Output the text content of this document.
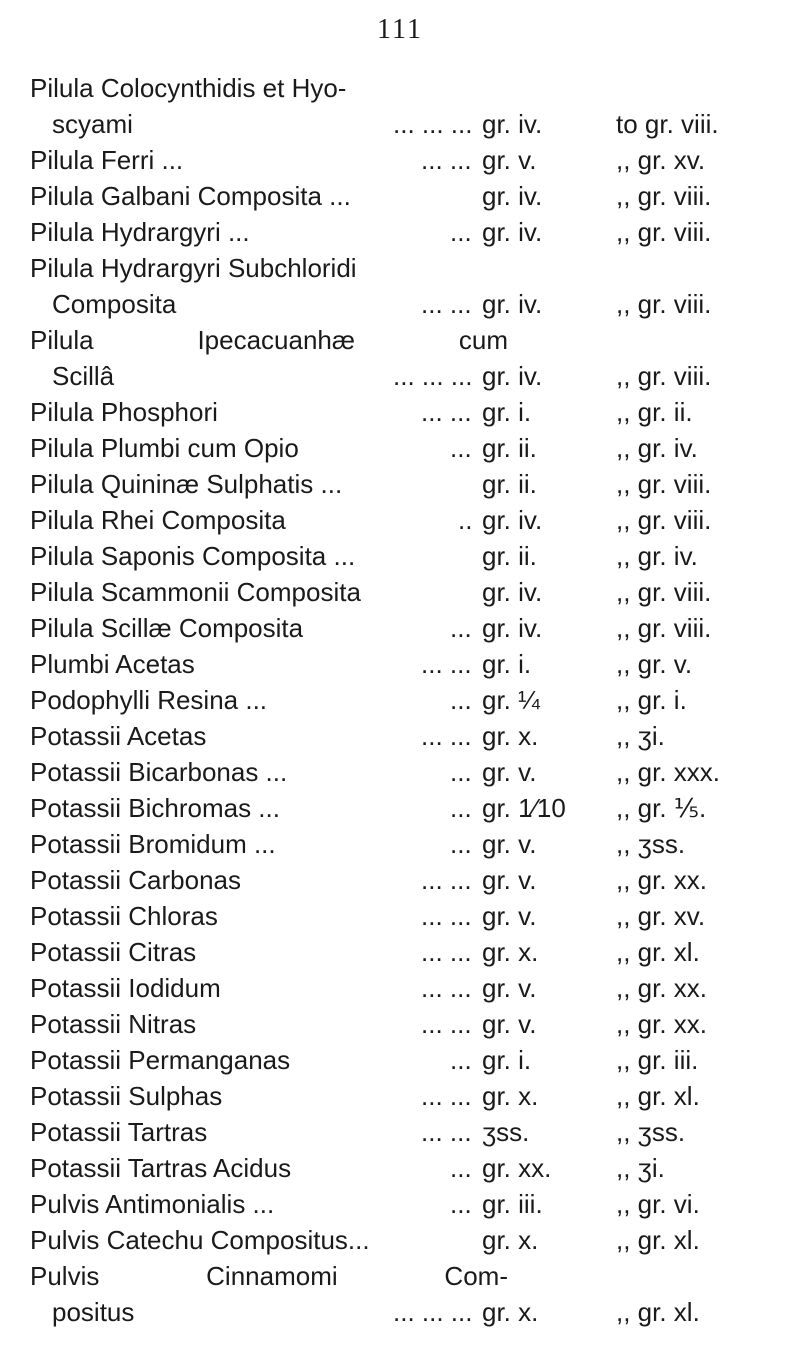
111
Pilula Colocynthidis et Hyo-
scyami	... ... ... gr. iv.	to gr. viii.
Pilula Ferri ...	... ... gr. v.	,, gr. xv.
Pilula Galbani Composita ...	gr. iv.	,, gr. viii.
Pilula Hydrargyri ...	... gr. iv.	,, gr. viii.
Pilula Hydrargyri Subchloridi
Composita	... ... gr. iv.	,, gr. viii.
Pilula	Ipecacuanhæ	cum
Scillâ	... ... ... gr. iv.	,, gr. viii.
Pilula Phosphori	... ... gr. i.	,, gr. ii.
Pilula Plumbi cum Opio	... gr. ii.	,, gr. iv.
Pilula Quininæ Sulphatis ...	gr. ii.	,, gr. viii.
Pilula Rhei Composita	.. gr. iv.	,, gr. viii.
Pilula Saponis Composita ...	gr. ii.	,, gr. iv.
Pilula Scammonii Composita	gr. iv.	,, gr. viii.
Pilula Scillæ Composita	... gr. iv.	,, gr. viii.
Plumbi Acetas	... ... gr. i.	,, gr. v.
Podophylli Resina ...	... gr. ¼	,, gr. i.
Potassii Acetas	... ... gr. x.	,, ʒi.
Potassii Bicarbonas ...	... gr. v.	,, gr. xxx.
Potassii Bichromas ...	... gr. 1⁄10 ,, gr. ⅕.
Potassii Bromidum ...	... gr. v.	,, ʒss.
Potassii Carbonas	... ... gr. v.	,, gr. xx.
Potassii Chloras	... ... gr. v.	,, gr. xv.
Potassii Citras	... ... gr. x.	,, gr. xl.
Potassii Iodidum	... ... gr. v.	,, gr. xx.
Potassii Nitras	... ... gr. v.	,, gr. xx.
Potassii Permanganas	... gr. i.	,, gr. iii.
Potassii Sulphas	... ... gr. x.	,, gr. xl.
Potassii Tartras	... ... ʒss.	,, ʒss.
Potassii Tartras Acidus	... gr. xx. ,, ʒi.
Pulvis Antimonialis ...	... gr. iii.	,, gr. vi.
Pulvis Catechu Compositus...	gr. x.	,, gr. xl.
Pulvis	Cinnamomi	Com-
positus	... ... ... gr. x.	,, gr. xl.
